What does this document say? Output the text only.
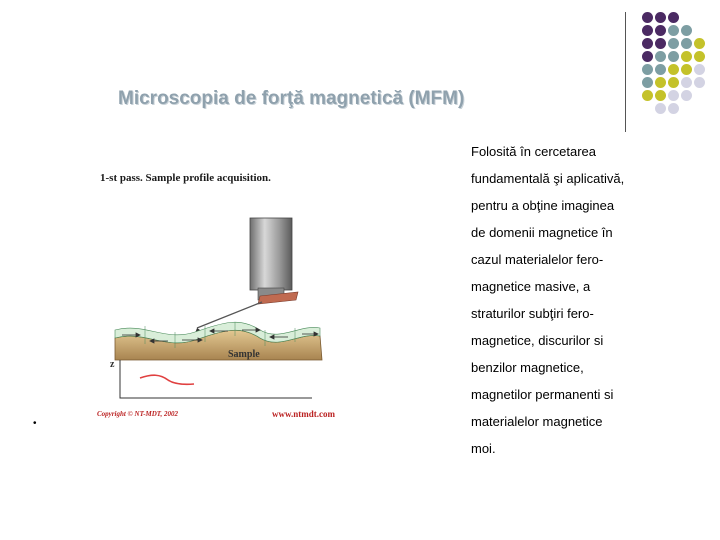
Microscopia de forţă magnetică (MFM)
1-st pass. Sample profile acquisition.
z
Sample
Copyright © NT-MDT, 2002	www.ntmdt.com
•
Folosită în cercetarea
fundamentală şi aplicativă,
pentru a obţine imaginea
de domenii magnetice în
cazul materialelor fero-
magnetice masive, a
straturilor subţiri fero-
magnetice, discurilor si
benzilor magnetice,
magnetilor permanenti si
materialelor magnetice
moi.
